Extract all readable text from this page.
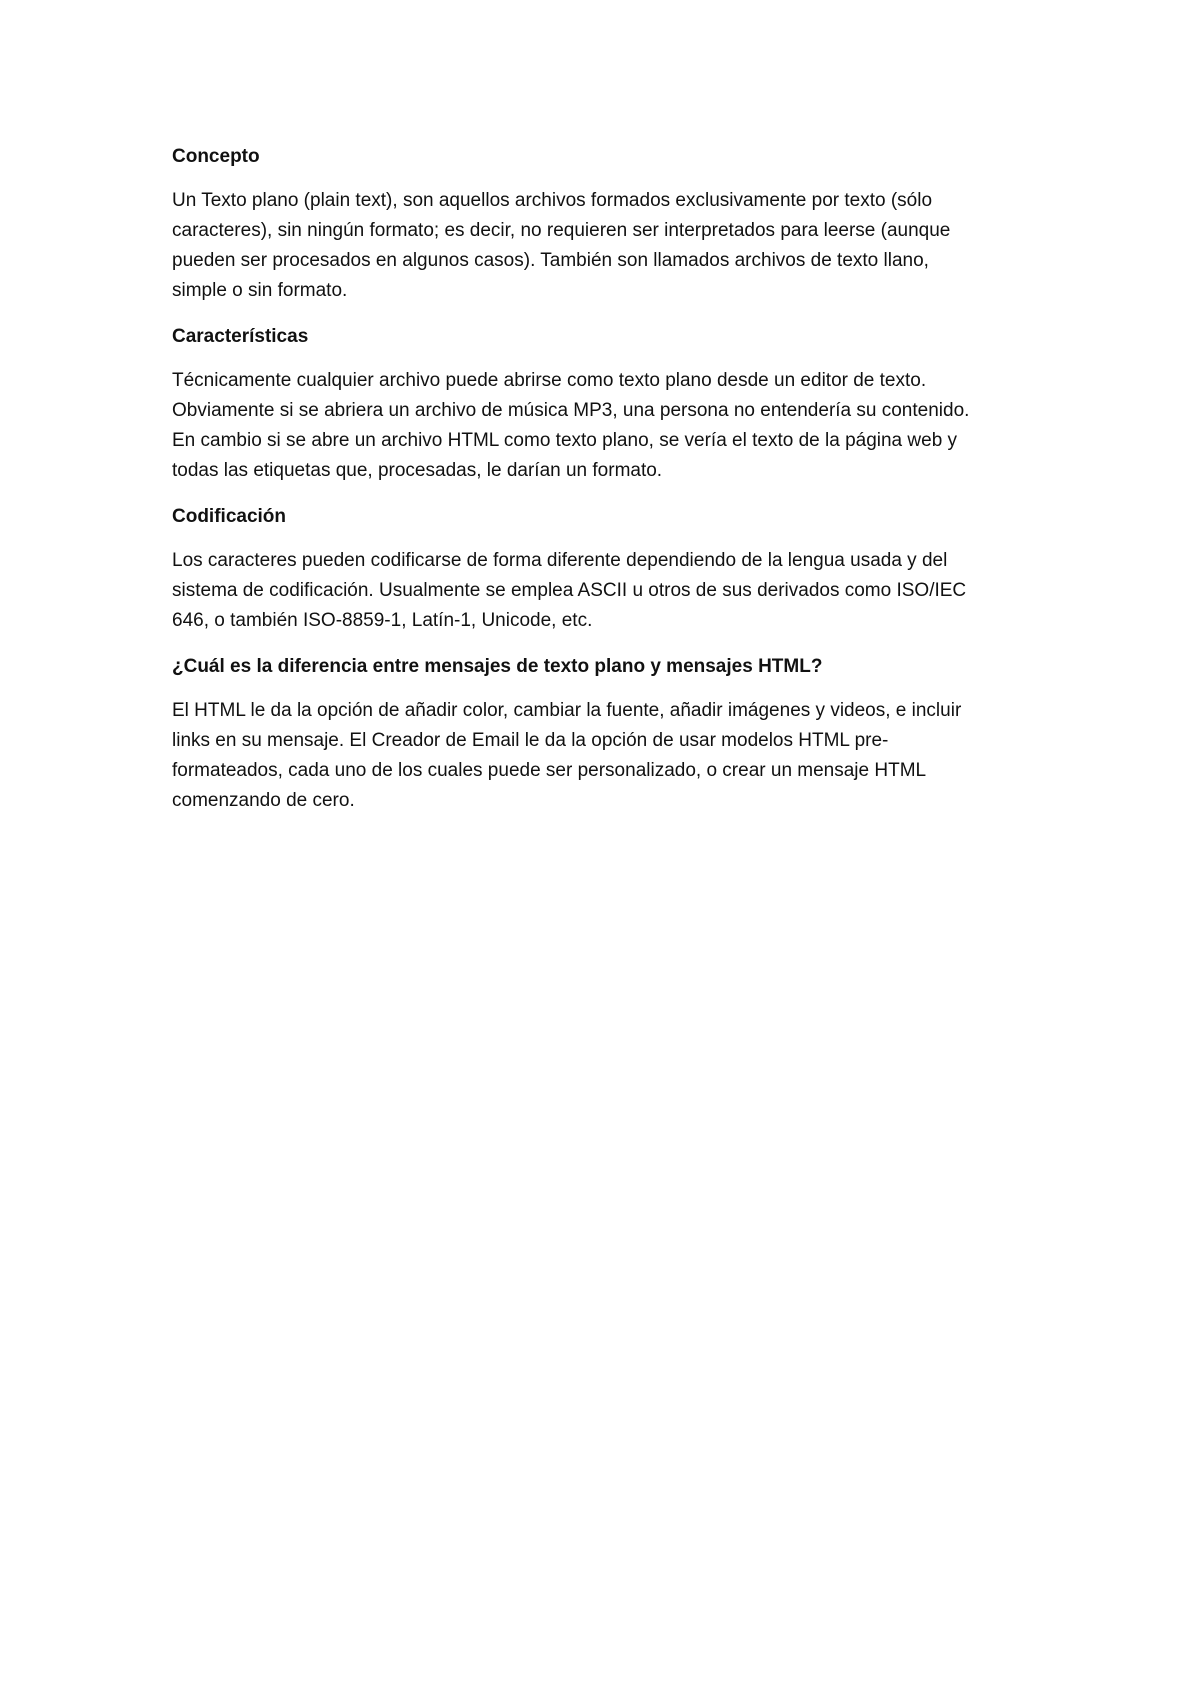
Concepto

Un Texto plano (plain text), son aquellos archivos formados exclusivamente por texto (sólo
caracteres), sin ningún formato; es decir, no requieren ser interpretados para leerse (aunque
pueden ser procesados en algunos casos). También son llamados archivos de texto llano,
simple o sin formato.

Características

Técnicamente cualquier archivo puede abrirse como texto plano desde un editor de texto.
Obviamente si se abriera un archivo de música MP3, una persona no entendería su contenido.
En cambio si se abre un archivo HTML como texto plano, se vería el texto de la página web y
todas las etiquetas que, procesadas, le darían un formato.

Codificación

Los caracteres pueden codificarse de forma diferente dependiendo de la lengua usada y del
sistema de codificación. Usualmente se emplea ASCII u otros de sus derivados como ISO/IEC
646, o también ISO-8859-1, Latín-1, Unicode, etc.

¿Cuál es la diferencia entre mensajes de texto plano y mensajes HTML?

El HTML le da la opción de añadir color, cambiar la fuente, añadir imágenes y videos, e incluir
links en su mensaje. El Creador de Email le da la opción de usar modelos HTML pre-
formateados, cada uno de los cuales puede ser personalizado, o crear un mensaje HTML
comenzando de cero.
